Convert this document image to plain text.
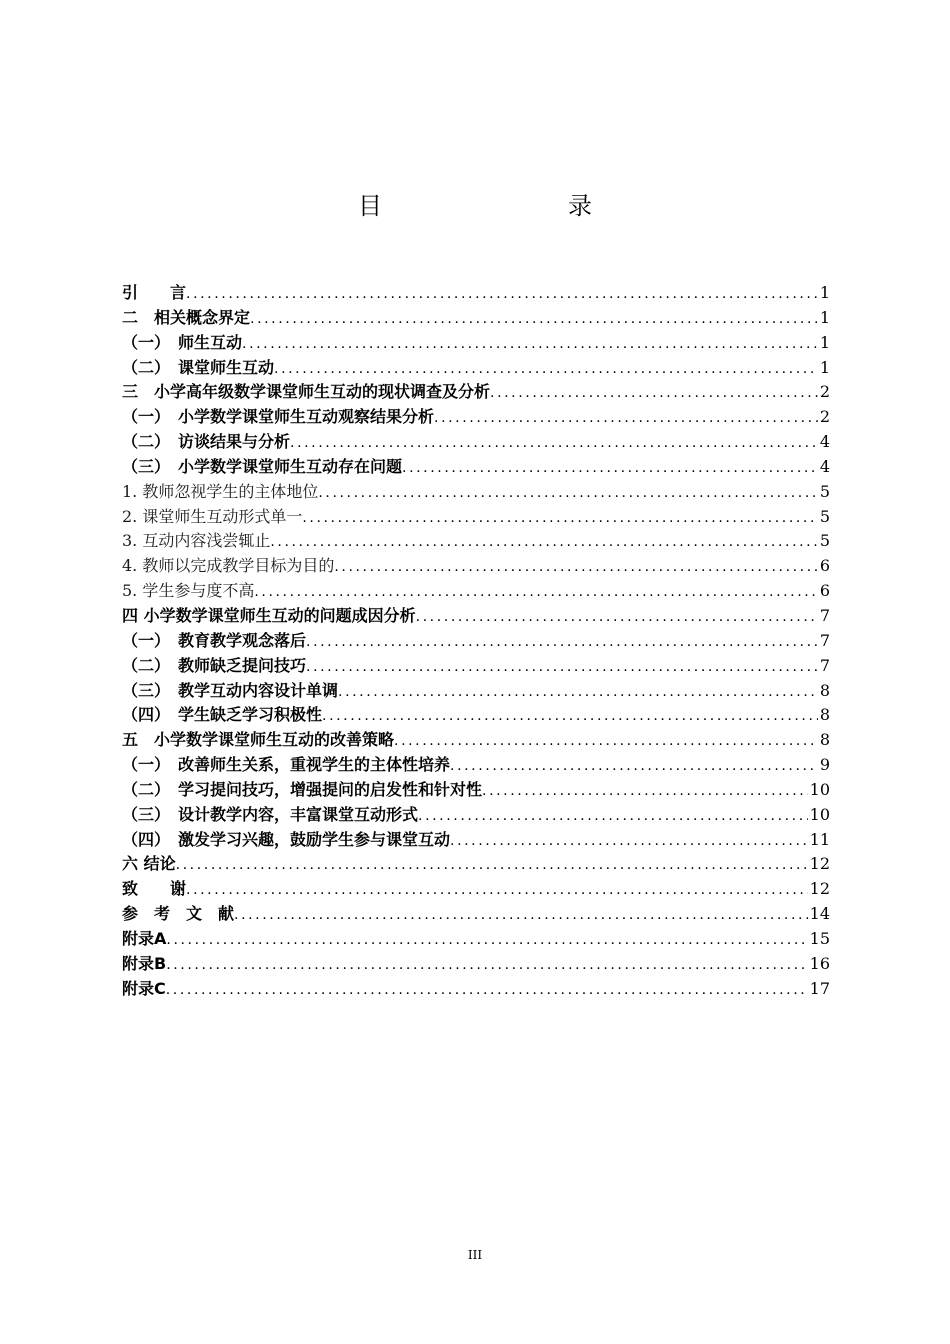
目　　录
引　　言 .....	1
二　相关概念界定 .....	1
（一）　师生互动 .....	1
（二）　课堂师生互动 .....	1
三　小学高年级数学课堂师生互动的现状调查及分析 .....	2
（一）　小学数学课堂师生互动观察结果分析 .....	2
（二）　访谈结果与分析 .....	4
（三）　小学数学课堂师生互动存在问题 .....	4
1. 教师忽视学生的主体地位 .....	5
2. 课堂师生互动形式单一 .....	5
3. 互动内容浅尝辄止 .....	5
4. 教师以完成教学目标为目的 .....	6
5. 学生参与度不高 .....	6
四 小学数学课堂师生互动的问题成因分析 .....	7
（一）　教育教学观念落后 .....	7
（二）　教师缺乏提问技巧 .....	7
（三）　教学互动内容设计单调 .....	8
（四）　学生缺乏学习积极性 .....	8
五　小学数学课堂师生互动的改善策略 .....	8
（一）　改善师生关系，重视学生的主体性培养 .....	9
（二）　学习提问技巧，增强提问的启发性和针对性 .....	10
（三）　设计教学内容，丰富课堂互动形式 .....	10
（四）　激发学习兴趣，鼓励学生参与课堂互动 .....	11
六 结论 .....	12
致　　谢 .....	12
参　考　文　献 .....	14
附录A .....	15
附录B .....	16
附录C .....	17
III
